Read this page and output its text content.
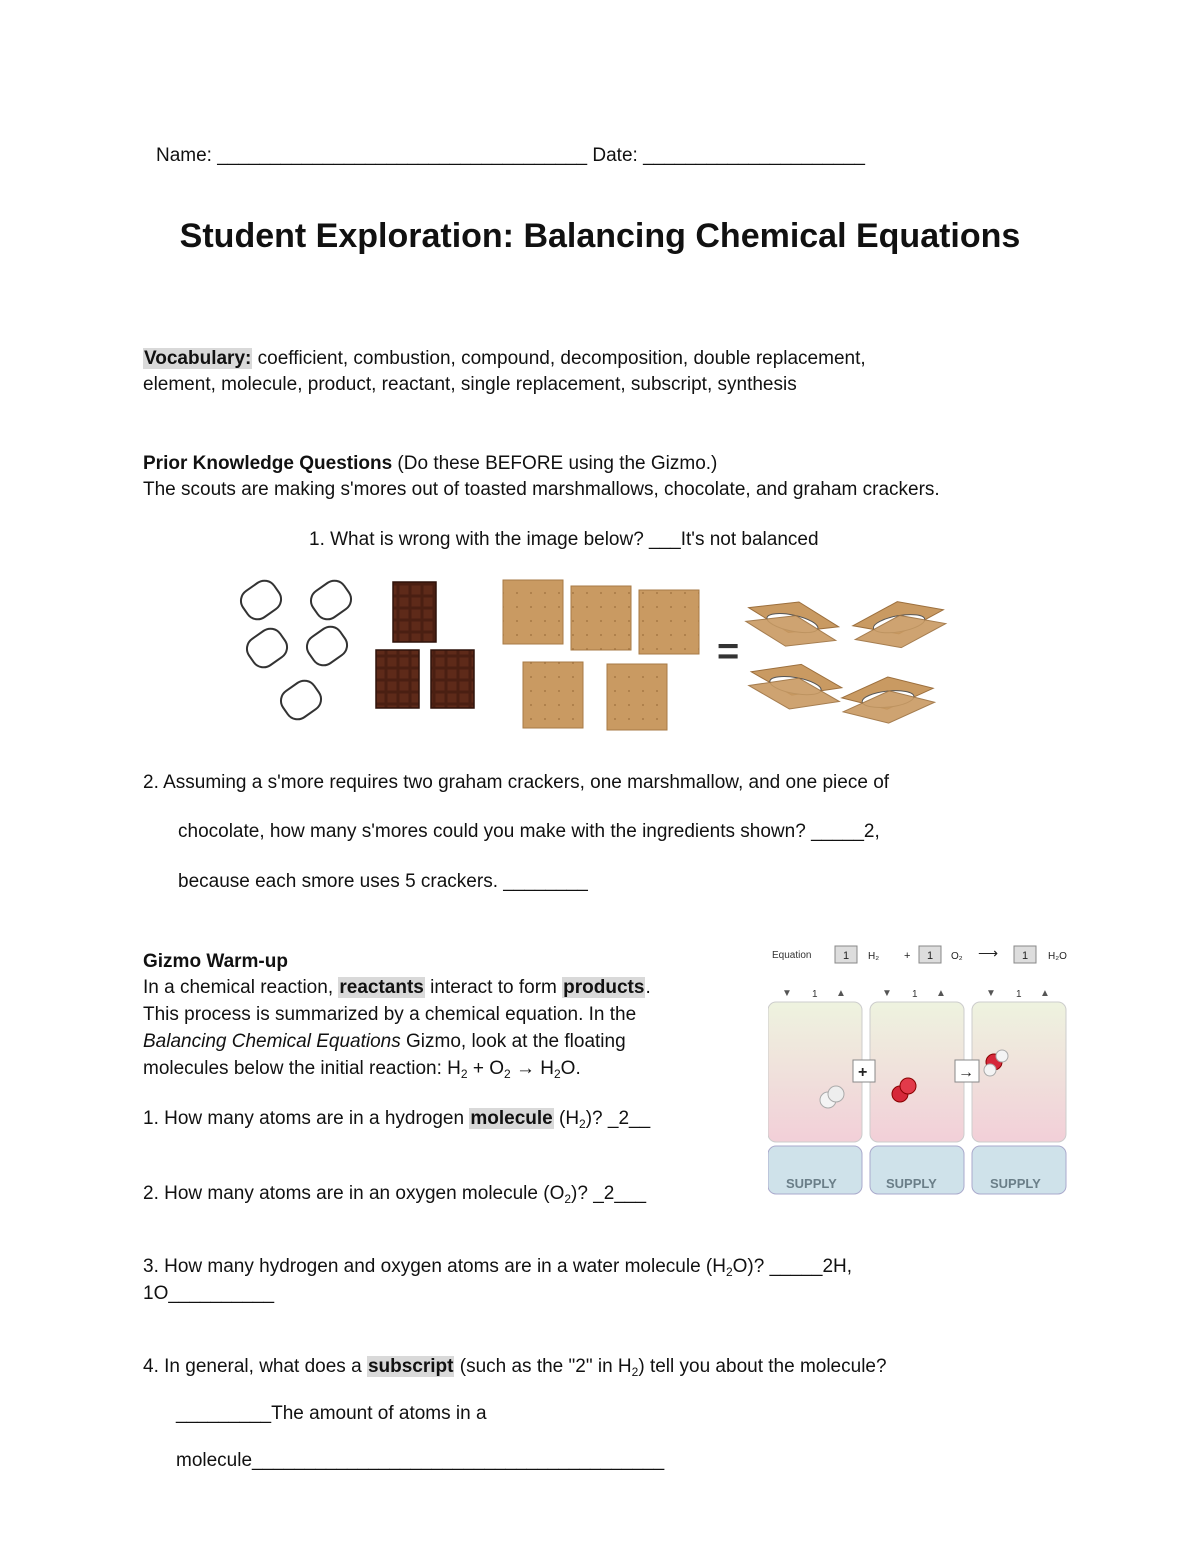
Name: ___________________________________ Date: _____________________
Student Exploration: Balancing Chemical Equations
Vocabulary: coefficient, combustion, compound, decomposition, double replacement,
element, molecule, product, reactant, single replacement, subscript, synthesis
Prior Knowledge Questions (Do these BEFORE using the Gizmo.)
The scouts are making s'mores out of toasted marshmallows, chocolate, and graham crackers.
1. What is wrong with the image below? ___It's not balanced
=
2. Assuming a s'more requires two graham crackers, one marshmallow, and one piece of
chocolate, how many s'mores could you make with the ingredients shown? _____2,
because each smore uses 5 crackers. ________
Gizmo Warm-up
In a chemical reaction, reactants interact to form products.
This process is summarized by a chemical equation. In the
Balancing Chemical Equations Gizmo, look at the floating
molecules below the initial reaction: $H_2 + O_2 \to H_2O$.
1. How many atoms are in a hydrogen molecule $(H_2)$? _2__
2. How many atoms are in an oxygen molecule $(O_2)$? _2___
3. How many hydrogen and oxygen atoms are in a water molecule $(H_2O)$? _____2H,
1O__________
4. In general, what does a subscript (such as the "2" in $H_2$) tell you about the molecule?
_________The amount of atoms in a
molecule_______________________________________
Equation	1 H₂ + 1 O₂ ⟶ 1 H₂O
▼ 1 ▲
SUPPLY
▼ 1 ▲
SUPPLY
▼ 1 ▲
SUPPLY
+	→
